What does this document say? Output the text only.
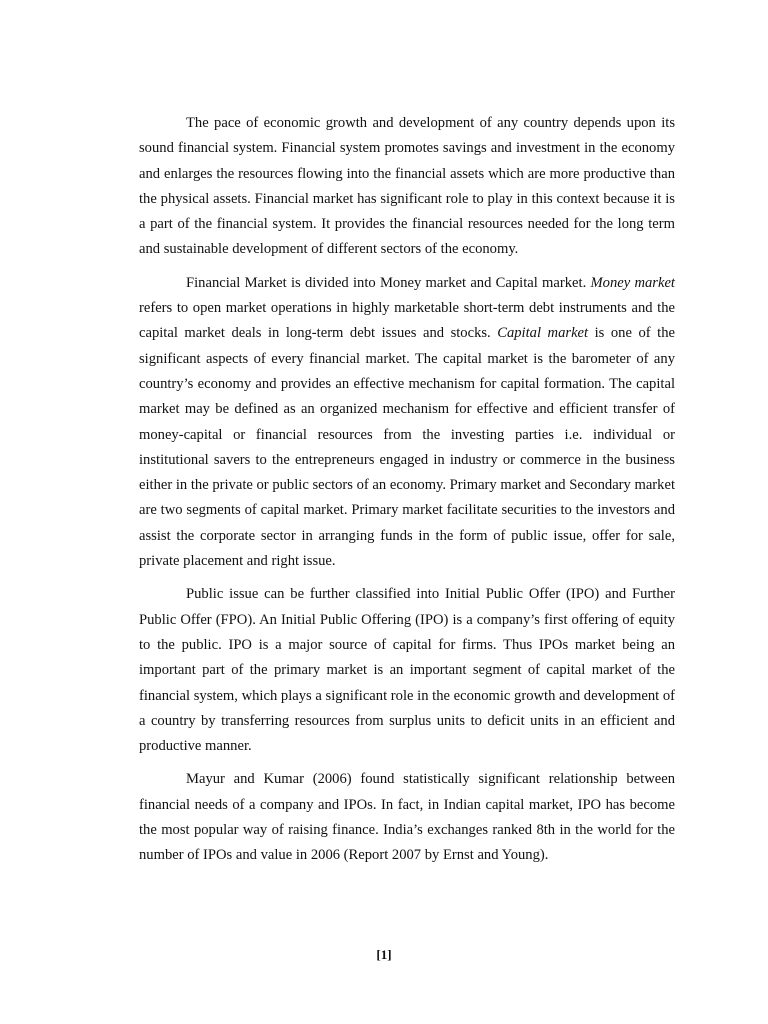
The pace of economic growth and development of any country depends upon its sound financial system. Financial system promotes savings and investment in the economy and enlarges the resources flowing into the financial assets which are more productive than the physical assets. Financial market has significant role to play in this context because it is a part of the financial system. It provides the financial resources needed for the long term and sustainable development of different sectors of the economy.

Financial Market is divided into Money market and Capital market. Money market refers to open market operations in highly marketable short-term debt instruments and the capital market deals in long-term debt issues and stocks. Capital market is one of the significant aspects of every financial market. The capital market is the barometer of any country’s economy and provides an effective mechanism for capital formation. The capital market may be defined as an organized mechanism for effective and efficient transfer of money-capital or financial resources from the investing parties i.e. individual or institutional savers to the entrepreneurs engaged in industry or commerce in the business either in the private or public sectors of an economy. Primary market and Secondary market are two segments of capital market. Primary market facilitate securities to the investors and assist the corporate sector in arranging funds in the form of public issue, offer for sale, private placement and right issue.

Public issue can be further classified into Initial Public Offer (IPO) and Further Public Offer (FPO). An Initial Public Offering (IPO) is a company’s first offering of equity to the public. IPO is a major source of capital for firms. Thus IPOs market being an important part of the primary market is an important segment of capital market of the financial system, which plays a significant role in the economic growth and development of a country by transferring resources from surplus units to deficit units in an efficient and productive manner.

Mayur and Kumar (2006) found statistically significant relationship between financial needs of a company and IPOs. In fact, in Indian capital market, IPO has become the most popular way of raising finance. India’s exchanges ranked 8th in the world for the number of IPOs and value in 2006 (Report 2007 by Ernst and Young).

[1]
